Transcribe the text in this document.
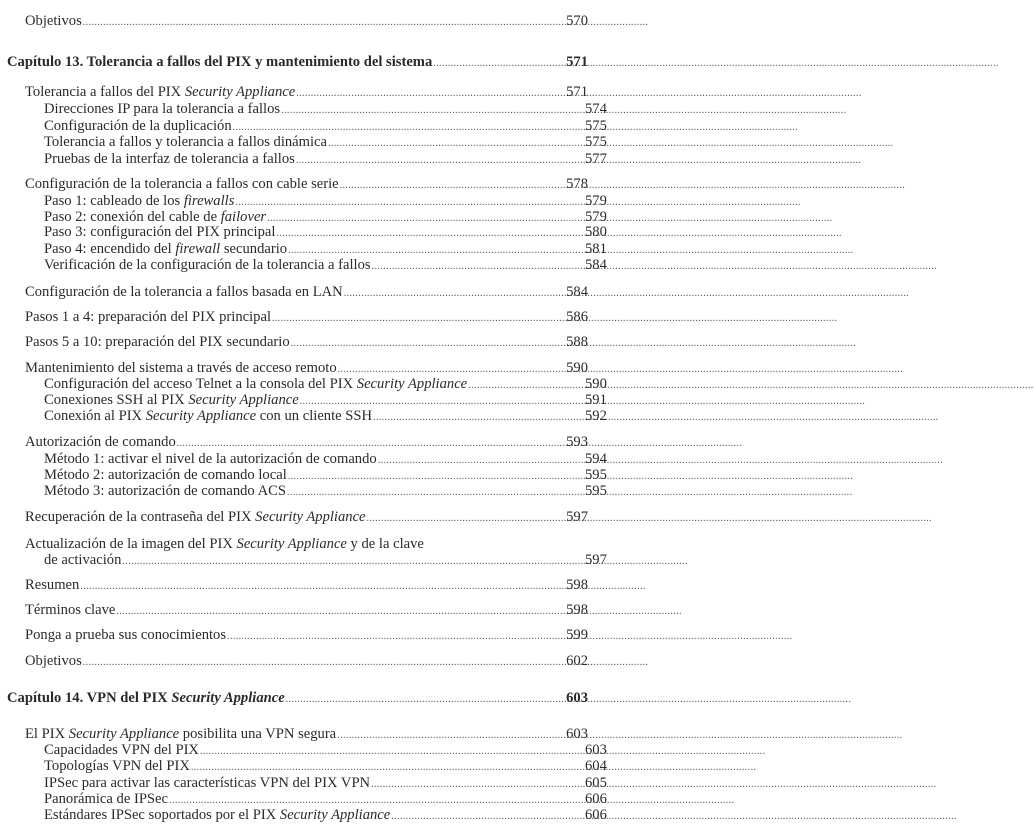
Objetivos .....	570
Capítulo 13. Tolerancia a fallos del PIX y mantenimiento del sistema .....	571
Tolerancia a fallos del PIX Security Appliance .....	571
Direcciones IP para la tolerancia a fallos .....	574
Configuración de la duplicación .....	575
Tolerancia a fallos y tolerancia a fallos dinámica .....	575
Pruebas de la interfaz de tolerancia a fallos .....	577
Configuración de la tolerancia a fallos con cable serie .....	578
Paso 1: cableado de los firewalls .....	579
Paso 2: conexión del cable de failover .....	579
Paso 3: configuración del PIX principal .....	580
Paso 4: encendido del firewall secundario .....	581
Verificación de la configuración de la tolerancia a fallos .....	584
Configuración de la tolerancia a fallos basada en LAN .....	584
Pasos 1 a 4: preparación del PIX principal .....	586
Pasos 5 a 10: preparación del PIX secundario .....	588
Mantenimiento del sistema a través de acceso remoto .....	590
Configuración del acceso Telnet a la consola del PIX Security Appliance .....	590
Conexiones SSH al PIX Security Appliance .....	591
Conexión al PIX Security Appliance con un cliente SSH .....	592
Autorización de comando .....	593
Método 1: activar el nivel de la autorización de comando .....	594
Método 2: autorización de comando local .....	595
Método 3: autorización de comando ACS .....	595
Recuperación de la contraseña del PIX Security Appliance .....	597
Actualización de la imagen del PIX Security Appliance y de la clave
de activación .....	597
Resumen .....	598
Términos clave .....	598
Ponga a prueba sus conocimientos .....	599
Objetivos .....	602
Capítulo 14. VPN del PIX Security Appliance .....	603
El PIX Security Appliance posibilita una VPN segura .....	603
Capacidades VPN del PIX .....	603
Topologías VPN del PIX .....	604
IPSec para activar las características VPN del PIX VPN .....	605
Panorámica de IPSec .....	606
Estándares IPSec soportados por el PIX Security Appliance .....	606
